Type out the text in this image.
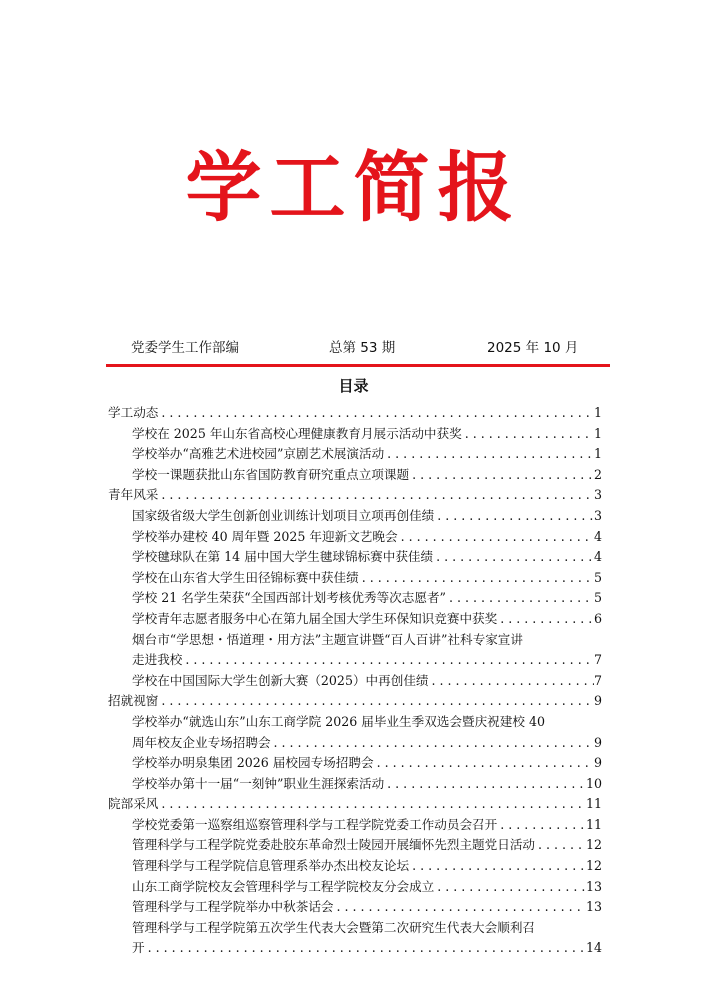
学工简报
党委学生工作部编	总第 53 期	2025 年 10 月
目录
学工动态 . . .	1
学校在 2025 年山东省高校心理健康教育月展示活动中获奖 . . .	1
学校举办“高雅艺术进校园”京剧艺术展演活动 . . .	1
学校一课题获批山东省国防教育研究重点立项课题 . . .	2
青年风采 . . .	3
国家级省级大学生创新创业训练计划项目立项再创佳绩 . . .	3
学校举办建校 40 周年暨 2025 年迎新文艺晚会 . . .	4
学校毽球队在第 14 届中国大学生毽球锦标赛中获佳绩 . . .	4
学校在山东省大学生田径锦标赛中获佳绩 . . .	5
学校 21 名学生荣获“全国西部计划考核优秀等次志愿者” . . .	5
学校青年志愿者服务中心在第九届全国大学生环保知识竞赛中获奖 . . .	6
烟台市“学思想・悟道理・用方法”主题宣讲暨“百人百讲”社科专家宣讲
走进我校 . . .	7
学校在中国国际大学生创新大赛（2025）中再创佳绩 . . .	7
招就视窗 . . .	9
学校举办“就选山东”山东工商学院 2026 届毕业生季双选会暨庆祝建校 40
周年校友企业专场招聘会 . . .	9
学校举办明泉集团 2026 届校园专场招聘会 . . .	9
学校举办第十一届“一刻钟”职业生涯探索活动 . . .	10
院部采风 . . .	11
学校党委第一巡察组巡察管理科学与工程学院党委工作动员会召开 . . .	11
管理科学与工程学院党委赴胶东革命烈士陵园开展缅怀先烈主题党日活动 . . .	12
管理科学与工程学院信息管理系举办杰出校友论坛 . . .	12
山东工商学院校友会管理科学与工程学院校友分会成立 . . .	13
管理科学与工程学院举办中秋茶话会 . . .	13
管理科学与工程学院第五次学生代表大会暨第二次研究生代表大会顺利召
开 . . .	14
